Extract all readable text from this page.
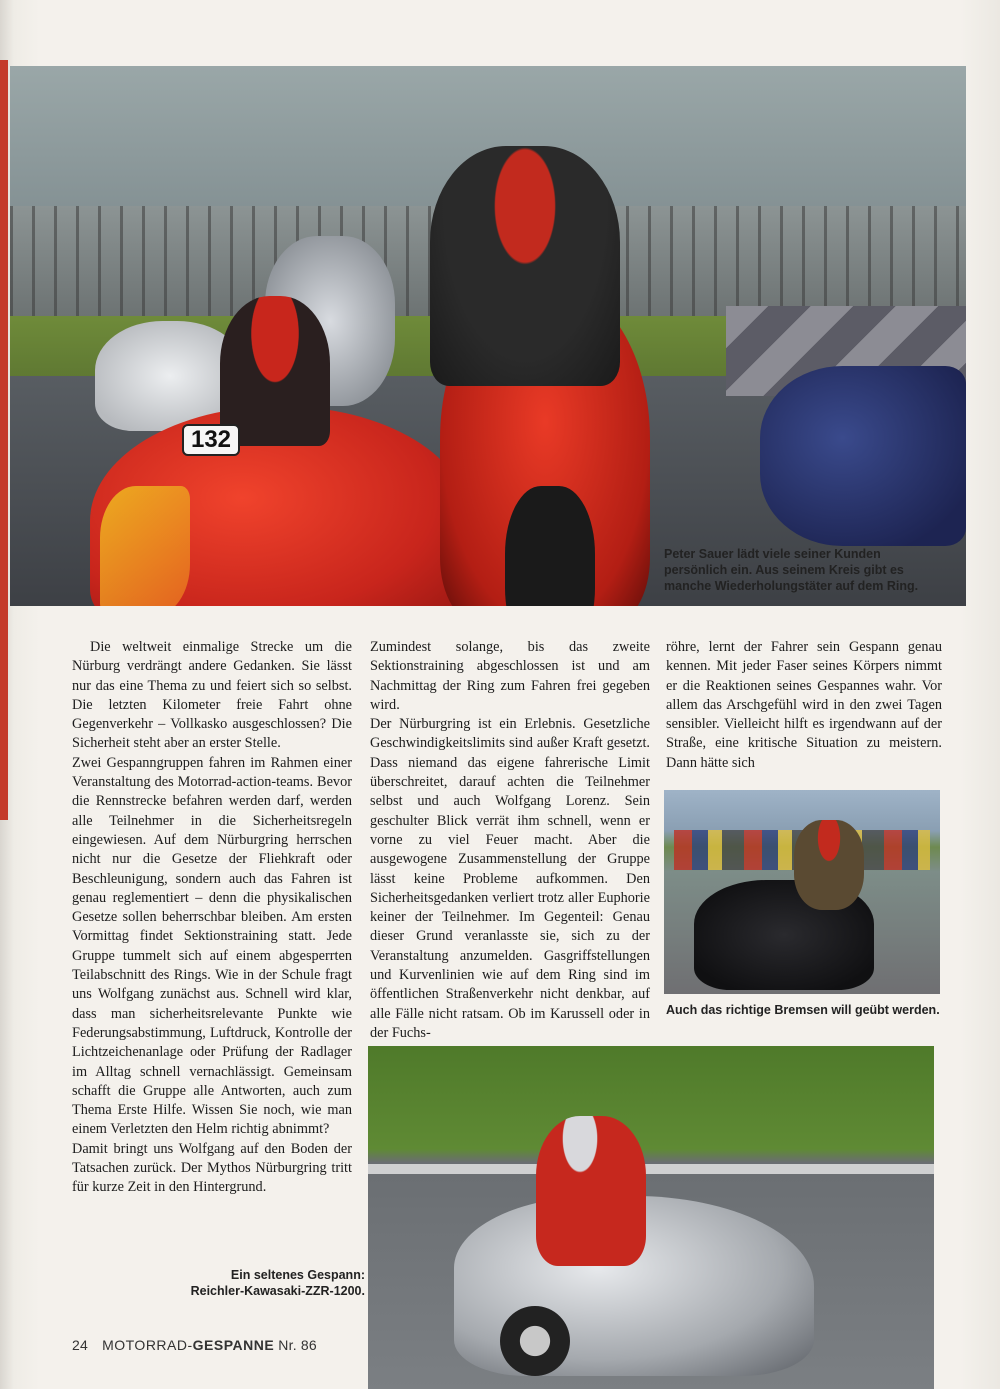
132
Peter Sauer lädt viele seiner Kunden persönlich ein. Aus seinem Kreis gibt es manche Wiederholungstäter auf dem Ring.

Die weltweit einmalige Strecke um die Nürburg verdrängt andere Gedanken. Sie lässt nur das eine Thema zu und feiert sich so selbst. Die letzten Kilometer freie Fahrt ohne Gegenverkehr – Vollkasko ausgeschlossen? Die Sicherheit steht aber an erster Stelle.

Zwei Gespanngruppen fahren im Rahmen einer Veranstaltung des Motorrad-action-teams. Bevor die Rennstrecke befahren werden darf, werden alle Teilnehmer in die Sicherheitsregeln eingewiesen. Auf dem Nürburgring herrschen nicht nur die Gesetze der Fliehkraft oder Beschleunigung, sondern auch das Fahren ist genau reglementiert – denn die physikalischen Gesetze sollen beherrschbar bleiben. Am ersten Vormittag findet Sektionstraining statt. Jede Gruppe tummelt sich auf einem abgesperrten Teilabschnitt des Rings. Wie in der Schule fragt uns Wolfgang zunächst aus. Schnell wird klar, dass man sicherheitsrelevante Punkte wie Federungsabstimmung, Luftdruck, Kontrolle der Lichtzeichenanlage oder Prüfung der Radlager im Alltag schnell vernachlässigt. Gemeinsam schafft die Gruppe alle Antworten, auch zum Thema Erste Hilfe. Wissen Sie noch, wie man einem Verletzten den Helm richtig abnimmt?

Damit bringt uns Wolfgang auf den Boden der Tatsachen zurück. Der Mythos Nürburgring tritt für kurze Zeit in den Hintergrund.

Zumindest solange, bis das zweite Sektionstraining abgeschlossen ist und am Nachmittag der Ring zum Fahren frei gegeben wird.

Der Nürburgring ist ein Erlebnis. Gesetzliche Geschwindigkeitslimits sind außer Kraft gesetzt. Dass niemand das eigene fahrerische Limit überschreitet, darauf achten die Teilnehmer selbst und auch Wolfgang Lorenz. Sein geschulter Blick verrät ihm schnell, wenn er vorne zu viel Feuer macht. Aber die ausgewogene Zusammenstellung der Gruppe lässt keine Probleme aufkommen. Den Sicherheitsgedanken verliert trotz aller Euphorie keiner der Teilnehmer. Im Gegenteil: Genau dieser Grund veranlasste sie, sich zu der Veranstaltung anzumelden. Gasgriffstellungen und Kurvenlinien wie auf dem Ring sind im öffentlichen Straßenverkehr nicht denkbar, auf alle Fälle nicht ratsam. Ob im Karussell oder in der Fuchs-

röhre, lernt der Fahrer sein Gespann genau kennen. Mit jeder Faser seines Körpers nimmt er die Reaktionen seines Gespannes wahr. Vor allem das Arschgefühl wird in den zwei Tagen sensibler. Vielleicht hilft es irgendwann auf der Straße, eine kritische Situation zu meistern. Dann hätte sich

Auch das richtige Bremsen will geübt werden.
Ein seltenes Gespann:
Reichler-Kawasaki-ZZR-1200.
24 MOTORRAD-GESPANNE Nr. 86
